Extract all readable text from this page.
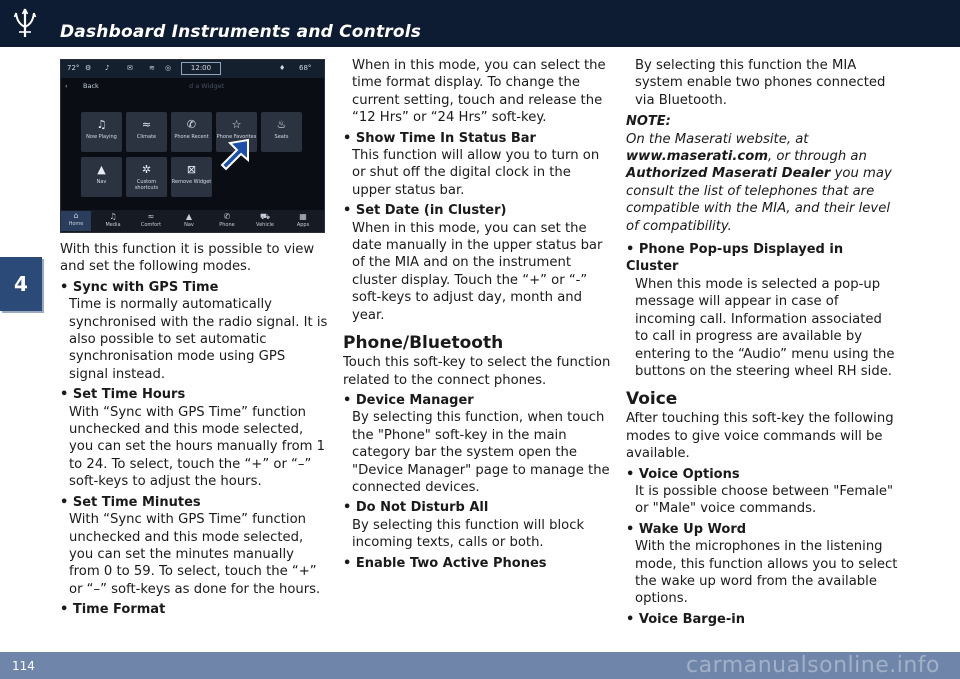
Dashboard Instruments and Controls
4
72° ⚙ ♪	✉ ≋ ◎	12:00	♦ 68°
‹ Back	d a Widget
♫
Now Playing
≈
Climate
✆
Phone Recent
☆
Phone Favorites
♨
Seats
▲
Nav
✲
Custom shortcuts
⊠
Remove Widget
⌂
Home
♫
Media
≈
Comfort
▲
Nav
✆
Phone
⛟
Vehicle
▦
Apps

With this function it is possible to view and set the following modes.

• Sync with GPS Time
Time is normally automatically synchronised with the radio signal. It is also possible to set automatic synchronisation mode using GPS signal instead.
• Set Time Hours
With “Sync with GPS Time” function unchecked and this mode selected, you can set the hours manually from 1 to 24. To select, touch the “+” or “–” soft-keys to adjust the hours.
• Set Time Minutes
With “Sync with GPS Time” function unchecked and this mode selected, you can set the minutes manually from 0 to 59. To select, touch the “+” or “–” soft-keys as done for the hours.
• Time Format
When in this mode, you can select the time format display. To change the current setting, touch and release the “12 Hrs” or “24 Hrs” soft-key.
• Show Time In Status Bar
This function will allow you to turn on or shut off the digital clock in the upper status bar.
• Set Date (in Cluster)
When in this mode, you can set the date manually in the upper status bar of the MIA and on the instrument cluster display. Touch the “+” or “-” soft-keys to adjust day, month and year.
Phone/Bluetooth

Touch this soft-key to select the function related to the connect phones.

• Device Manager
By selecting this function, when touch the "Phone" soft-key in the main category bar the system open the "Device Manager" page to manage the connected devices.
• Do Not Disturb All
By selecting this function will block incoming texts, calls or both.
• Enable Two Active Phones
By selecting this function the MIA system enable two phones connected via Bluetooth.
NOTE:
On the Maserati website, at www.maserati.com, or through an Authorized Maserati Dealer you may consult the list of telephones that are compatible with the MIA, and their level of compatibility.
• Phone Pop-ups Displayed in Cluster
When this mode is selected a pop-up message will appear in case of incoming call. Information associated to call in progress are available by entering to the “Audio” menu using the buttons on the steering wheel RH side.
Voice

After touching this soft-key the following modes to give voice commands will be available.

• Voice Options
It is possible choose between "Female" or "Male" voice commands.
• Wake Up Word
With the microphones in the listening mode, this function allows you to select the wake up word from the available options.
• Voice Barge-in
114	carmanualsonline.info
